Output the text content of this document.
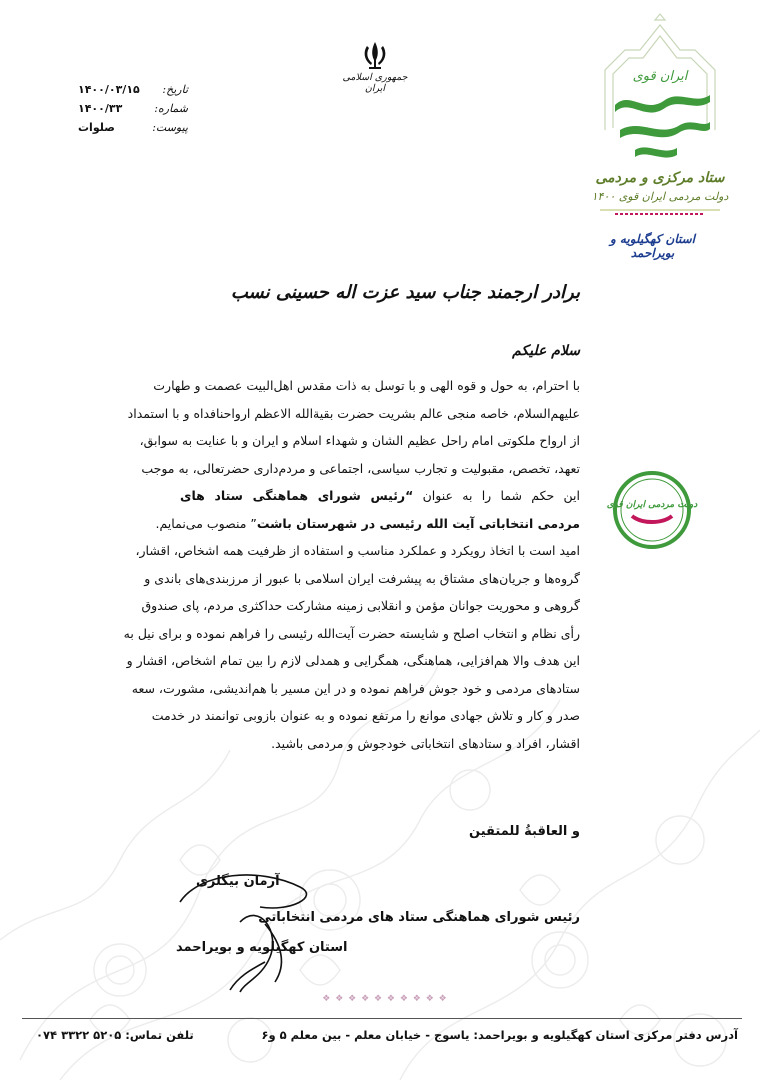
تاریخ:
۱۴۰۰/۰۳/۱۵
شماره:
۱۴۰۰/۳۳
پیوست:
صلوات
جمهوری اسلامی ایران
ایران قوی
ستاد مرکزی و مردمی
دولت مردمی ایران قوی ۱۴۰۰
استان کهگیلویه و بویراحمد
دولت مردمی ایران قوی
برادر ارجمند جناب سید عزت اله حسینی نسب
سلام علیکم
با احترام، به حول و قوه الهی و با توسل به ذات مقدس اهل‌البیت عصمت و طهارت
علیهم‌السلام، خاصه منجی عالم بشریت حضرت بقیةالله الاعظم ارواحنافداه و با استمداد
از ارواح ملکوتی امام راحل عظیم الشان و شهداء اسلام و ایران و با عنایت به سوابق،
تعهد، تخصص، مقبولیت و تجارب سیاسی، اجتماعی و مردم‌داری حضرتعالی، به موجب
این حکم شما را به عنوان “رئیس شورای هماهنگی ستاد های
مردمی انتخاباتی آیت الله رئیسی در شهرستان باشت” منصوب می‌نمایم.
امید است با اتخاذ رویکرد و عملکرد مناسب و استفاده از ظرفیت همه اشخاص، اقشار،
گروه‌ها و جریان‌های مشتاق به پیشرفت ایران اسلامی با عبور از مرزبندی‌های باندی و
گروهی و محوریت جوانان مؤمن و انقلابی زمینه مشارکت حداکثری مردم، پای صندوق
رأی نظام و انتخاب اصلح و شایسته حضرت آیت‌الله رئیسی را فراهم نموده و برای نیل به
این هدف والا هم‌افزایی، هماهنگی، همگرایی و همدلی لازم را بین تمام اشخاص، اقشار و
ستادهای مردمی و خود جوش فراهم نموده و در این مسیر با هم‌اندیشی، مشورت، سعه
صدر و کار و تلاش جهادی موانع را مرتفع نموده و به عنوان بازوبی توانمند در خدمت
اقشار، افراد و ستادهای انتخاباتی خودجوش و مردمی باشید.
و العاقبةُ للمتقین
آرمان بیگلری
رئیس شورای هماهنگی ستاد های مردمی انتخاباتی
استان کهگیلویه و بویراحمد
❖ ❖ ❖ ❖ ❖ ❖ ❖ ❖ ❖ ❖
آدرس دفتر مرکزی استان کهگیلویه و بویراحمد: یاسوج - خیابان معلم - بین معلم ۵ و۶
تلفن تماس: ۵۲۰۵ ۳۳۲۲ ۰۷۴
